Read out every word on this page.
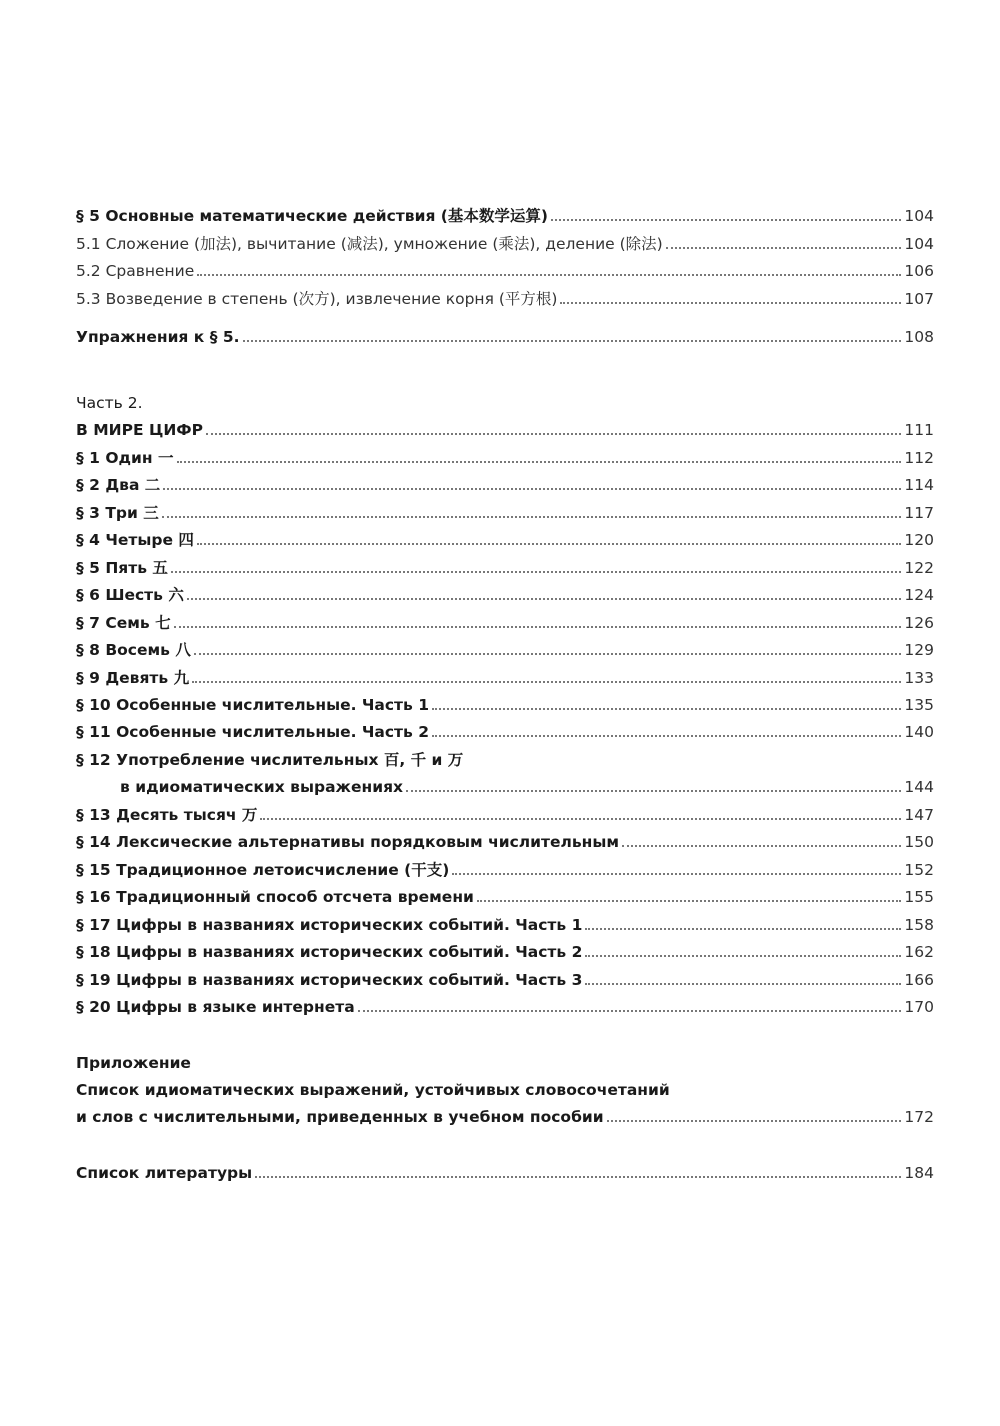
§ 5 Основные математические действия (基本数学运算)	104
5.1 Сложение (加法), вычитание (减法), умножение (乘法), деление (除法)	104
5.2 Сравнение	106
5.3 Возведение в степень (次方), извлечение корня (平方根)	107
Упражнения к § 5.	108
Часть 2.
В МИРЕ ЦИФР	111
§ 1 Один 一	112
§ 2 Два 二	114
§ 3 Три 三	117
§ 4 Четыре 四	120
§ 5 Пять 五	122
§ 6 Шесть 六	124
§ 7 Семь 七	126
§ 8 Восемь 八	129
§ 9 Девять 九	133
§ 10 Особенные числительные. Часть 1	135
§ 11 Особенные числительные. Часть 2	140
§ 12 Употребление числительных 百, 千 и 万
в идиоматических выражениях	144
§ 13 Десять тысяч 万	147
§ 14 Лексические альтернативы порядковым числительным	150
§ 15 Традиционное летоисчисление (干支)	152
§ 16 Традиционный способ отсчета времени	155
§ 17 Цифры в названиях исторических событий. Часть 1	158
§ 18 Цифры в названиях исторических событий. Часть 2	162
§ 19 Цифры в названиях исторических событий. Часть 3	166
§ 20 Цифры в языке интернета	170
Приложение
Список идиоматических выражений, устойчивых словосочетаний
и слов с числительными, приведенных в учебном пособии	172
Список литературы	184
